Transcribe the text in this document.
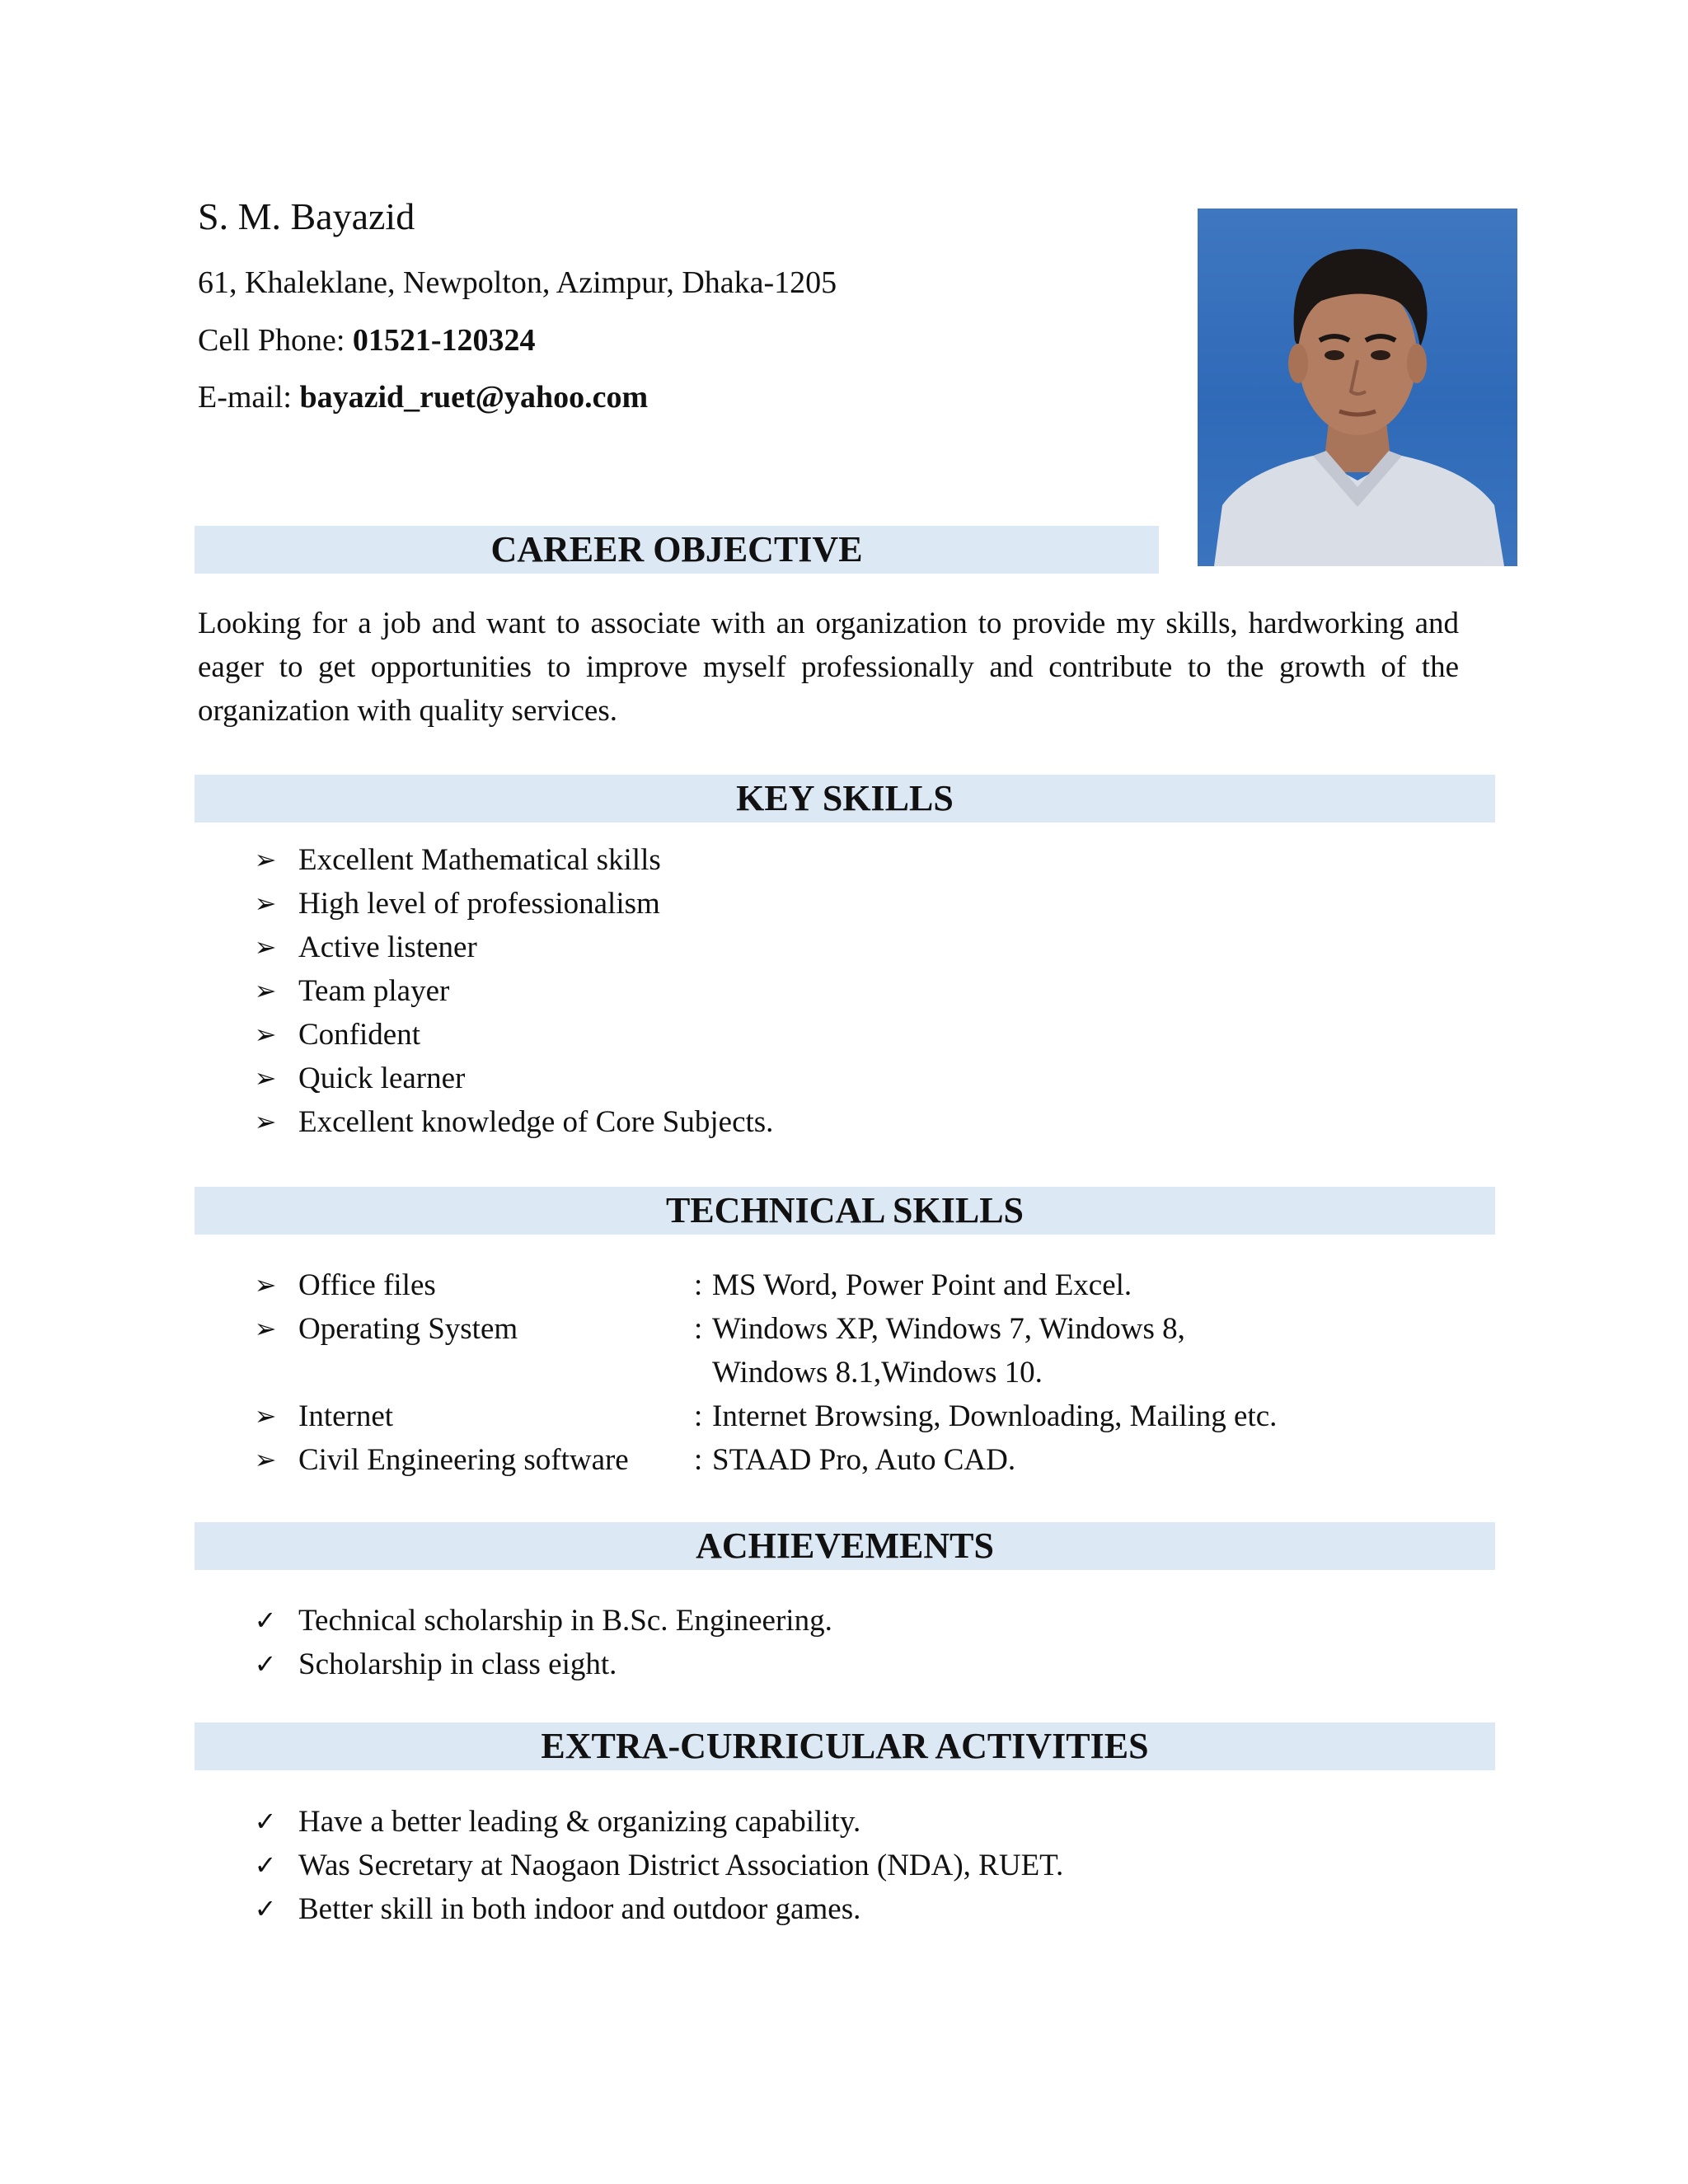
S. M. Bayazid
61, Khaleklane, Newpolton, Azimpur, Dhaka-1205
Cell Phone: 01521-120324
E-mail: bayazid_ruet@yahoo.com
CAREER OBJECTIVE
Looking for a job and want to associate with an organization to provide my skills, hardworking and eager to get opportunities to improve myself professionally and contribute to the growth of the organization with quality services.
KEY SKILLS
➢ Excellent Mathematical skills
➢ High level of professionalism
➢ Active listener
➢ Team player
➢ Confident
➢ Quick learner
➢ Excellent knowledge of Core Subjects.
TECHNICAL SKILLS
➢ Office files	: MS Word, Power Point and Excel.
➢ Operating System	: Windows XP, Windows 7, Windows 8,
Windows 8.1,Windows 10.
➢ Internet	: Internet Browsing, Downloading, Mailing etc.
➢ Civil Engineering software : STAAD Pro, Auto CAD.
ACHIEVEMENTS
✓ Technical scholarship in B.Sc. Engineering.
✓ Scholarship in class eight.
EXTRA-CURRICULAR ACTIVITIES
✓ Have a better leading & organizing capability.
✓ Was Secretary at Naogaon District Association (NDA), RUET.
✓ Better skill in both indoor and outdoor games.
